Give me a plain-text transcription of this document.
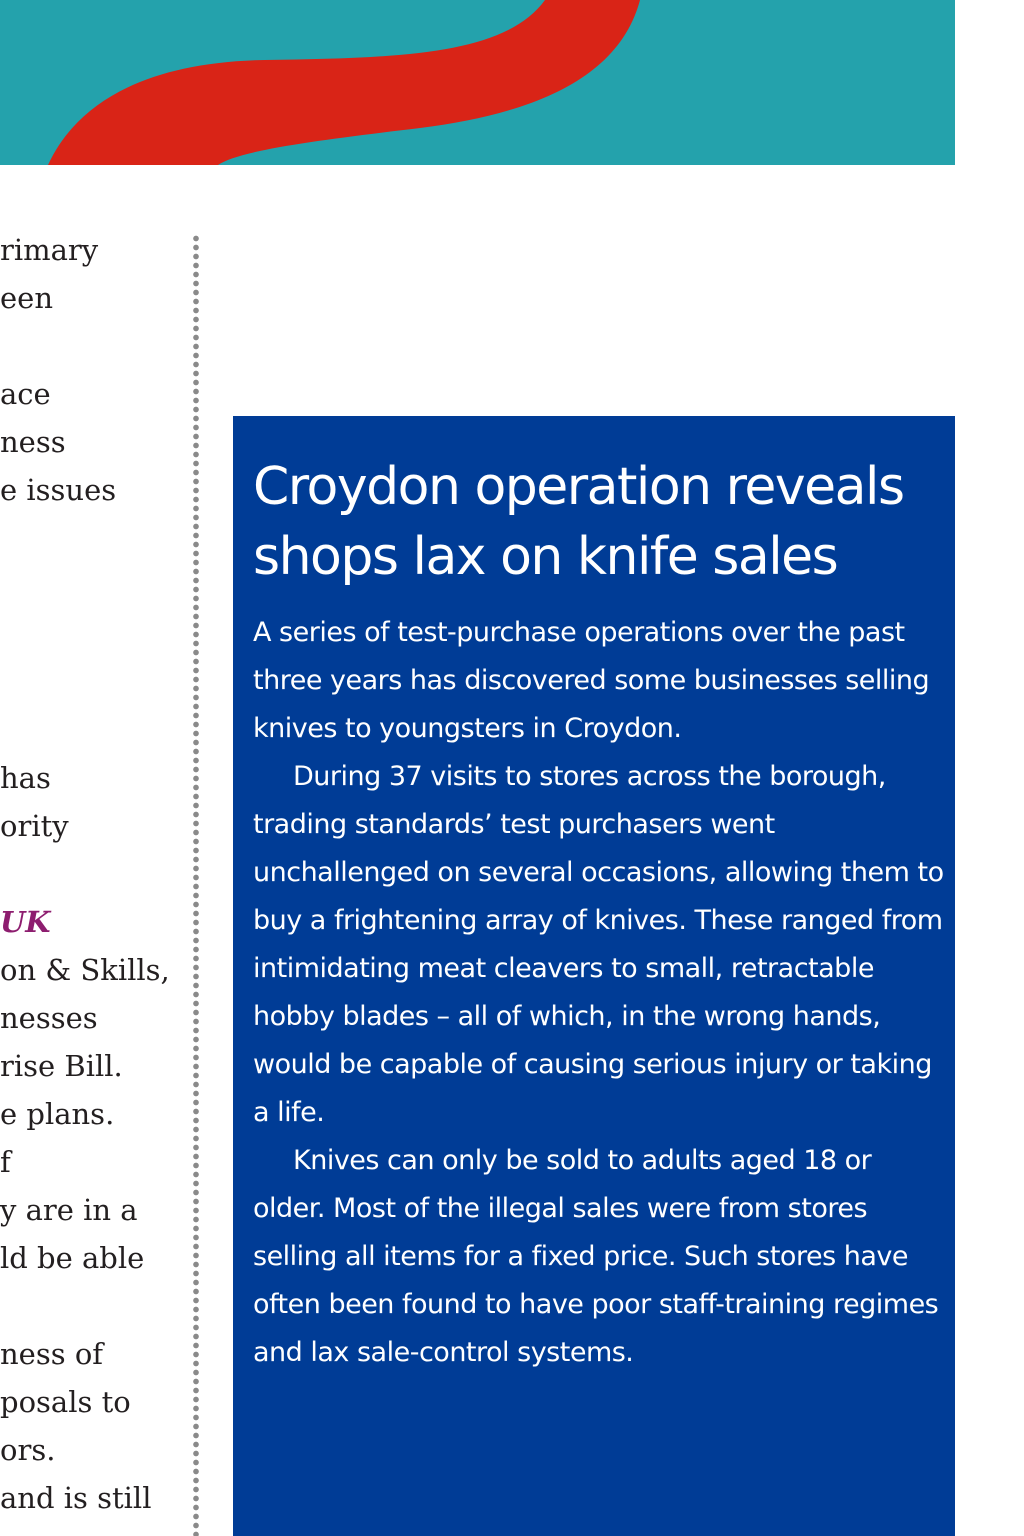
rimary
een
ace
ness
e issues
has
ority
UK
on & Skills,
nesses
rise Bill.
e plans.
f
y are in a
ld be able
ness of
posals to
ors.
and is still
Croydon operation reveals shops lax on knife sales

A series of test-purchase operations over the past three years has discovered some businesses selling knives to youngsters in Croydon.

During 37 visits to stores across the borough, trading standards’ test purchasers went unchallenged on several occasions, allowing them to buy a frightening array of knives. These ranged from intimidating meat cleavers to small, retractable hobby blades – all of which, in the wrong hands, would be capable of causing serious injury or taking a life.

Knives can only be sold to adults aged 18 or older. Most of the illegal sales were from stores selling all items for a fixed price. Such stores have often been found to have poor staff-training regimes and lax sale-control systems.
